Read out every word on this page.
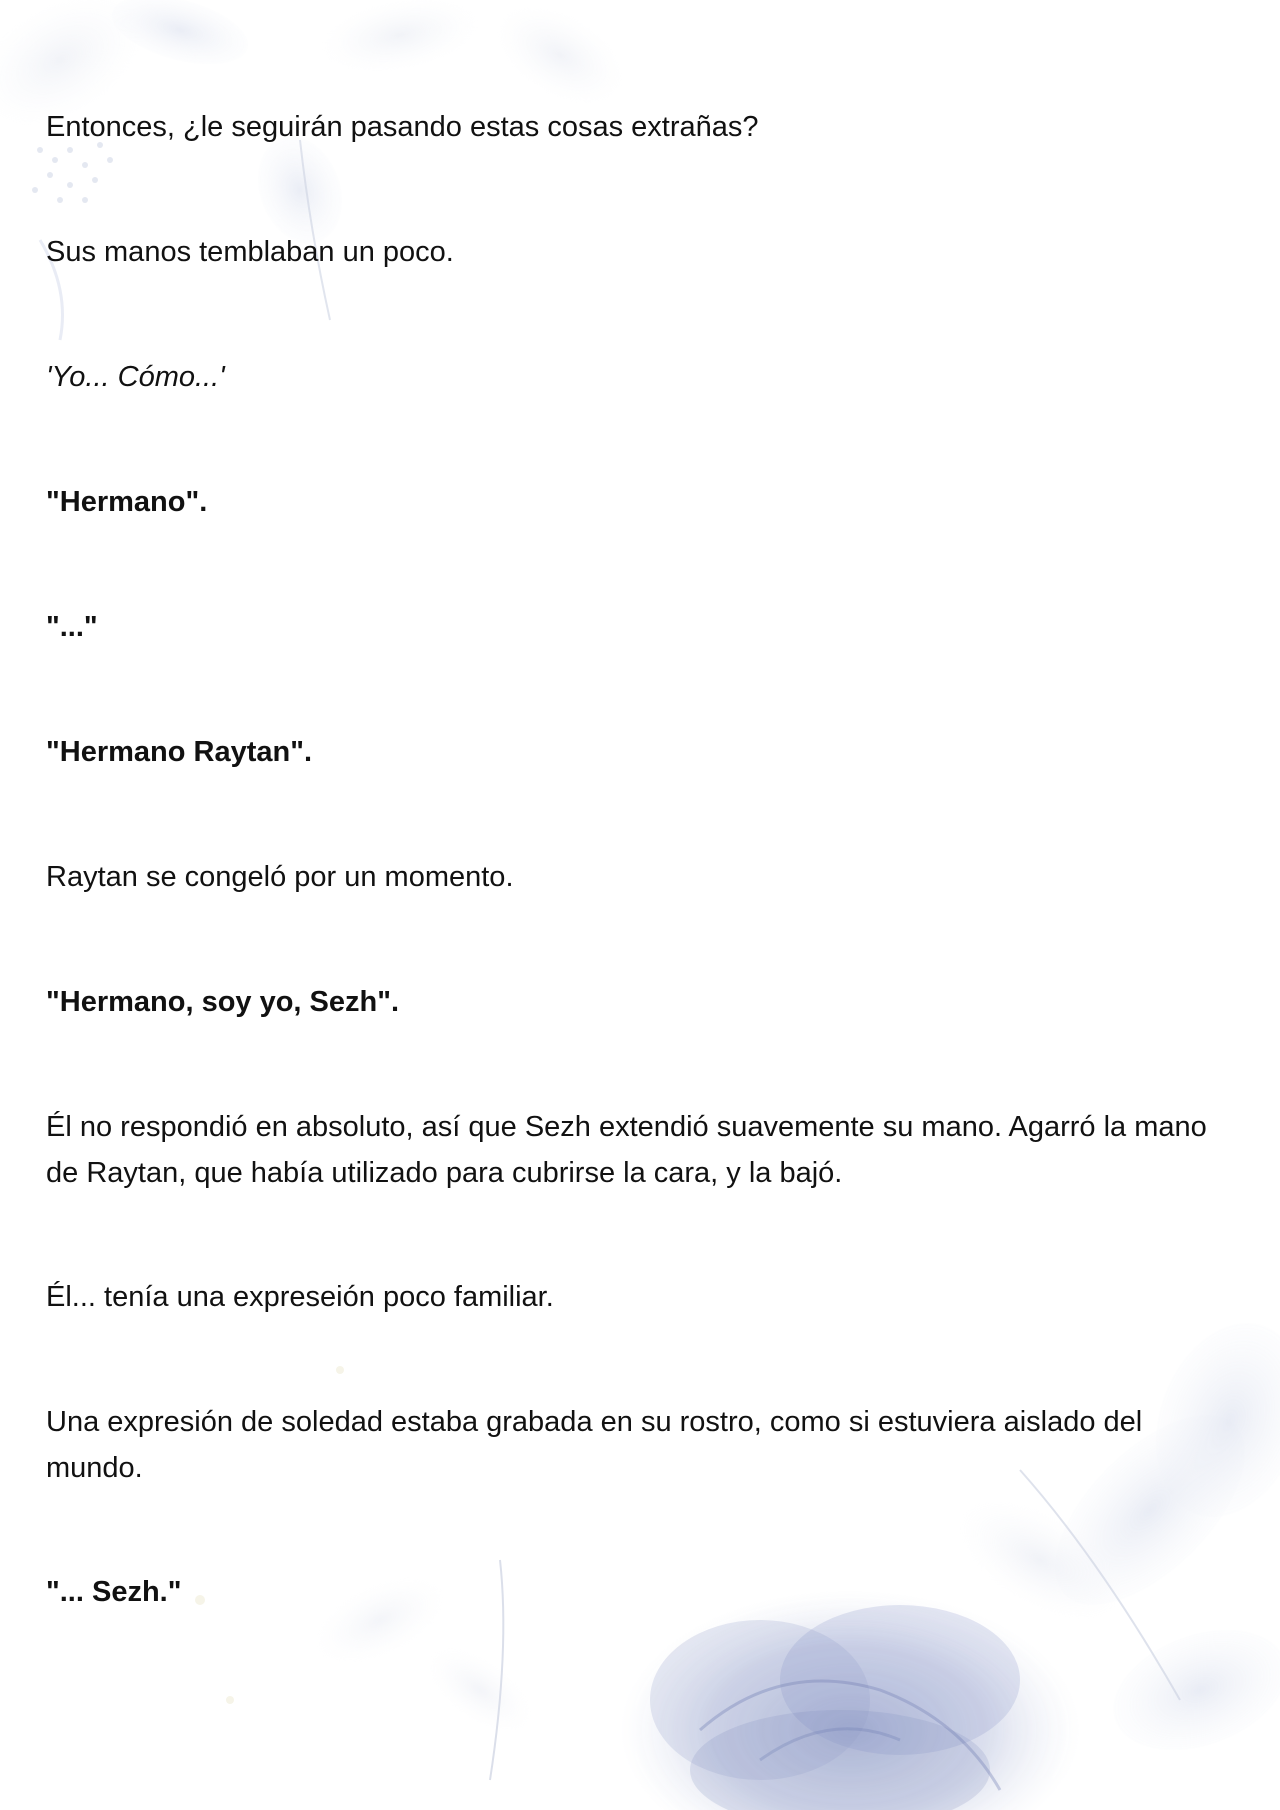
Entonces, ¿le seguirán pasando estas cosas extrañas?

Sus manos temblaban un poco.

'Yo... Cómo...'

"Hermano".

"..."

"Hermano Raytan".

Raytan se congeló por un momento.

"Hermano, soy yo, Sezh".

Él no respondió en absoluto, así que Sezh extendió suavemente su mano. Agarró la mano de Raytan, que había utilizado para cubrirse la cara, y la bajó.

Él... tenía una expreseión poco familiar.

Una expresión de soledad estaba grabada en su rostro, como si estuviera aislado del mundo.

"... Sezh."
